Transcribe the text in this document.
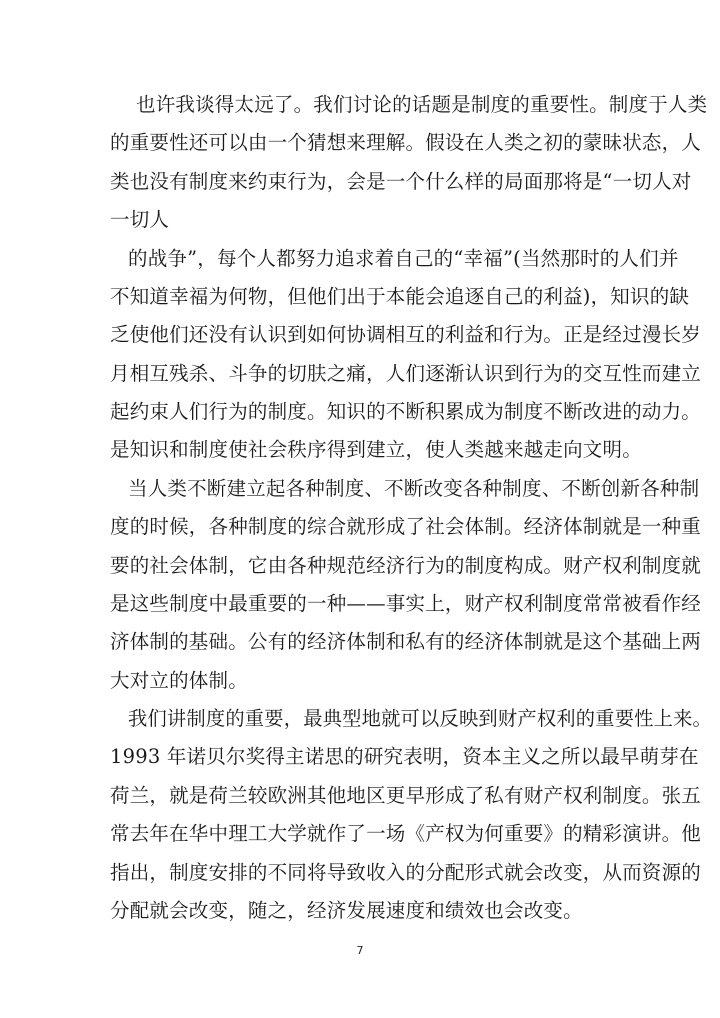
也许我谈得太远了。我们讨论的话题是制度的重要性。制度于人类
的重要性还可以由一个猜想来理解。假设在人类之初的蒙昧状态，人
类也没有制度来约束行为，会是一个什么样的局面那将是“一切人对
一切人
的战争”，每个人都努力追求着自己的“幸福”(当然那时的人们并
不知道幸福为何物，但他们出于本能会追逐自己的利益)，知识的缺
乏使他们还没有认识到如何协调相互的利益和行为。正是经过漫长岁
月相互残杀、斗争的切肤之痛，人们逐渐认识到行为的交互性而建立
起约束人们行为的制度。知识的不断积累成为制度不断改进的动力。
是知识和制度使社会秩序得到建立，使人类越来越走向文明。
当人类不断建立起各种制度、不断改变各种制度、不断创新各种制
度的时候，各种制度的综合就形成了社会体制。经济体制就是一种重
要的社会体制，它由各种规范经济行为的制度构成。财产权利制度就
是这些制度中最重要的一种——事实上，财产权利制度常常被看作经
济体制的基础。公有的经济体制和私有的经济体制就是这个基础上两
大对立的体制。
我们讲制度的重要，最典型地就可以反映到财产权利的重要性上来。
1993 年诺贝尔奖得主诺思的研究表明，资本主义之所以最早萌芽在
荷兰，就是荷兰较欧洲其他地区更早形成了私有财产权利制度。张五
常去年在华中理工大学就作了一场《产权为何重要》的精彩演讲。他
指出，制度安排的不同将导致收入的分配形式就会改变，从而资源的
分配就会改变，随之，经济发展速度和绩效也会改变。
7
